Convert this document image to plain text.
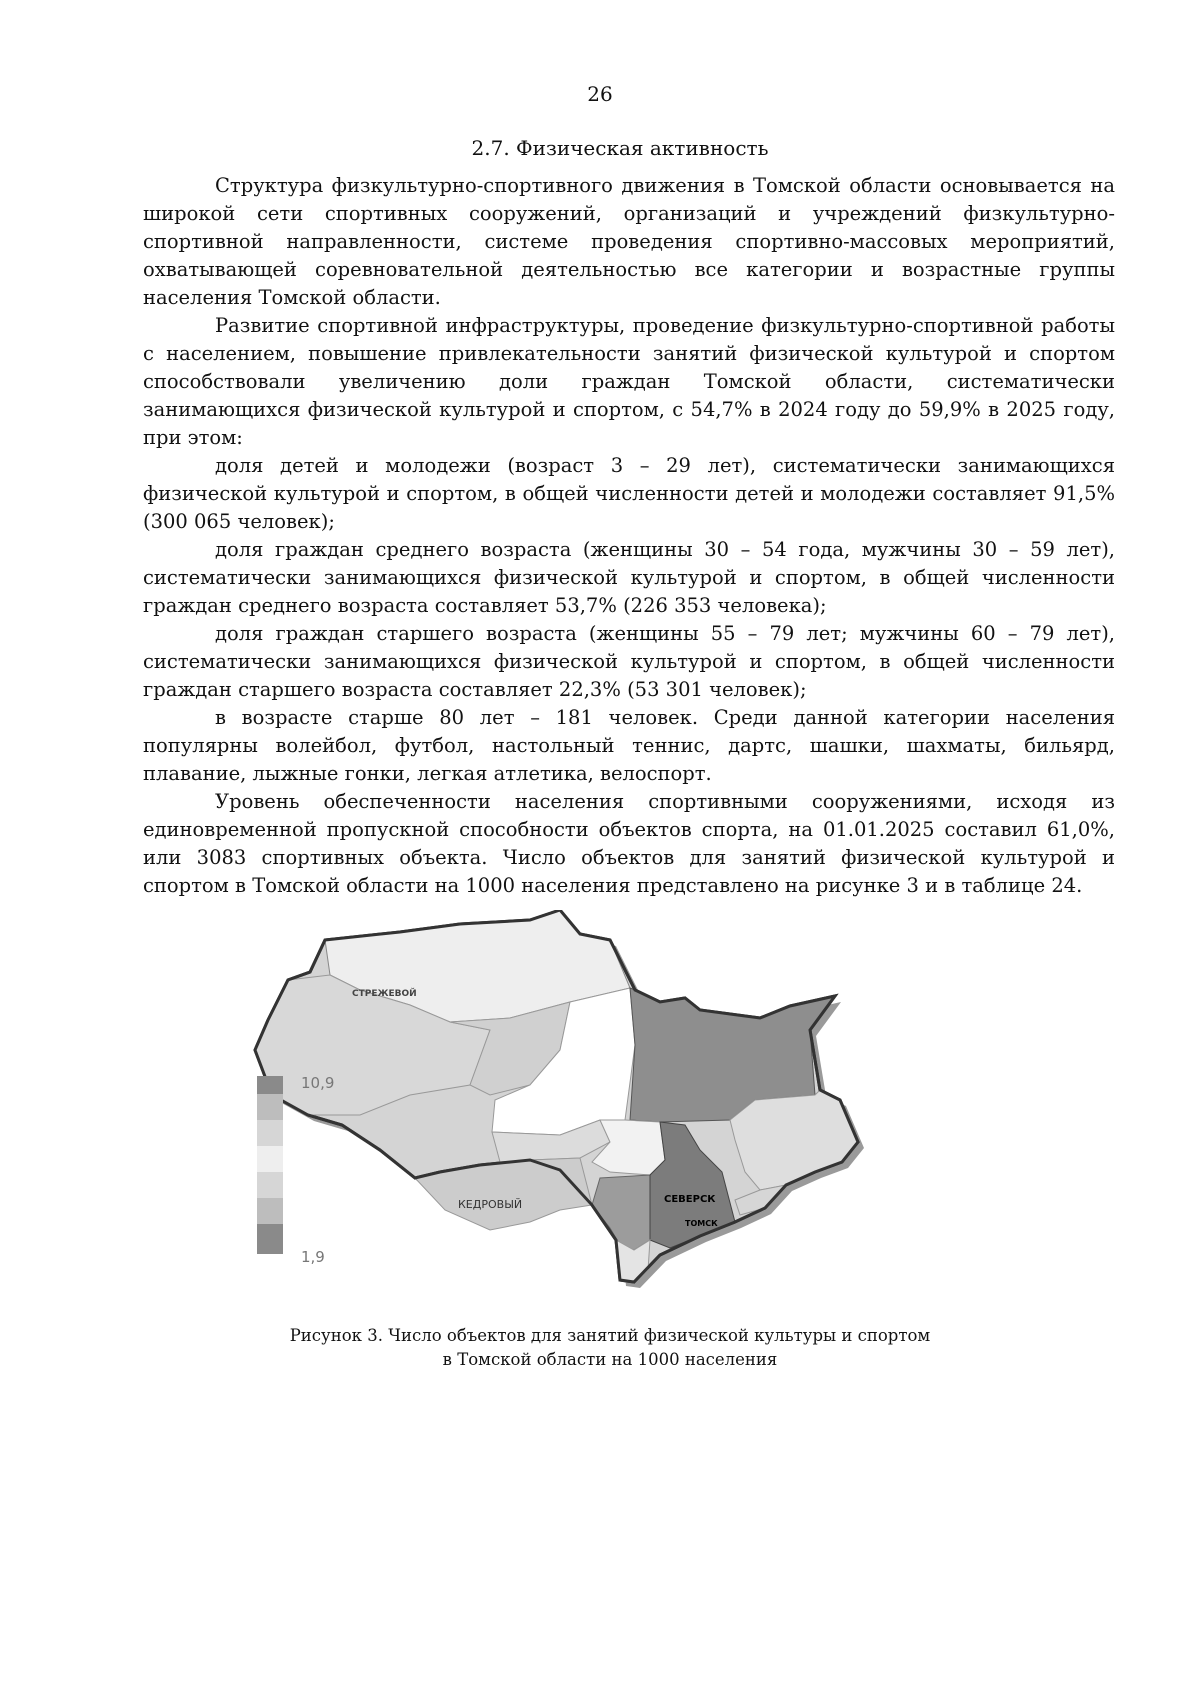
26
2.7. Физическая активность

Структура физкультурно-спортивного движения в Томской области основывается на широкой сети спортивных сооружений, организаций и учреждений физкультурно-спортивной направленности, системе проведения спортивно-массовых мероприятий, охватывающей соревновательной деятельностью все категории и возрастные группы населения Томской области.

Развитие спортивной инфраструктуры, проведение физкультурно-спортивной работы с населением, повышение привлекательности занятий физической культурой и спортом способствовали увеличению доли граждан Томской области, систематически занимающихся физической культурой и спортом, с 54,7% в 2024 году до 59,9% в 2025 году, при этом:

доля детей и молодежи (возраст 3 – 29 лет), систематически занимающихся физической культурой и спортом, в общей численности детей и молодежи составляет 91,5% (300 065 человек);

доля граждан среднего возраста (женщины 30 – 54 года, мужчины 30 – 59 лет), систематически занимающихся физической культурой и спортом, в общей численности граждан среднего возраста составляет 53,7% (226 353 человека);

доля граждан старшего возраста (женщины 55 – 79 лет; мужчины 60 – 79 лет), систематически занимающихся физической культурой и спортом, в общей численности граждан старшего возраста составляет 22,3% (53 301 человек);

в возрасте старше 80 лет – 181 человек. Среди данной категории населения популярны волейбол, футбол, настольный теннис, дартс, шашки, шахматы, бильярд, плавание, лыжные гонки, легкая атлетика, велоспорт.

Уровень обеспеченности населения спортивными сооружениями, исходя из единовременной пропускной способности объектов спорта, на 01.01.2025 составил 61,0%, или 3083 спортивных объекта. Число объектов для занятий физической культурой и спортом в Томской области на 1000 населения представлено на рисунке 3 и в таблице 24.

СТРЕЖЕВОЙ
КЕДРОВЫЙ	СЕВЕРСК
ТОМСК
10,9
1,9
Рисунок 3. Число объектов для занятий физической культуры и спортом
в Томской области на 1000 населения
